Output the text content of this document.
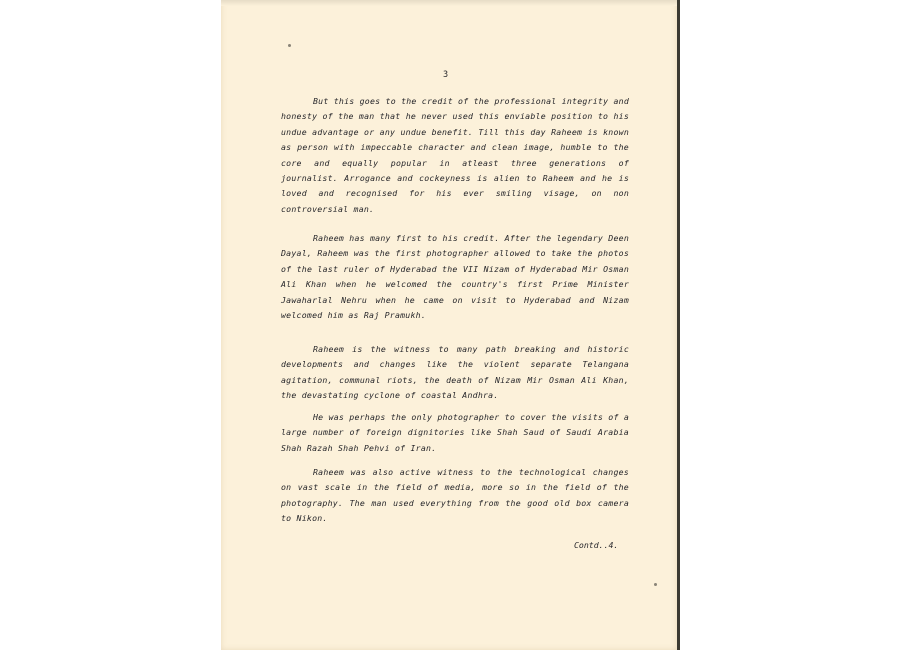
3
But this goes to the credit of the professional integrity and honesty of the man that he never used this enviable position to his undue advantage or any undue benefit. Till this day Raheem is known as person with impeccable character and clean image, humble to the core and equally popular in atleast three generations of journalist. Arrogance and cockeyness is alien to Raheem and he is loved and recognised for his ever smiling visage, on non controversial man.
Raheem has many first to his credit. After the legendary Deen Dayal, Raheem was the first photographer allowed to take the photos of the last ruler of Hyderabad the VII Nizam of Hyderabad Mir Osman Ali Khan when he welcomed the country's first Prime Minister Jawaharlal Nehru when he came on visit to Hyderabad and Nizam welcomed him as Raj Pramukh.
Raheem is the witness to many path breaking and historic developments and changes like the violent separate Telangana agitation, communal riots, the death of Nizam Mir Osman Ali Khan, the devastating cyclone of coastal Andhra.
He was perhaps the only photographer to cover the visits of a large number of foreign dignitories like Shah Saud of Saudi Arabia Shah Razah Shah Pehvi of Iran.
Raheem was also active witness to the technological changes on vast scale in the field of media, more so in the field of the photography. The man used everything from the good old box camera to Nikon.
Contd..4.
